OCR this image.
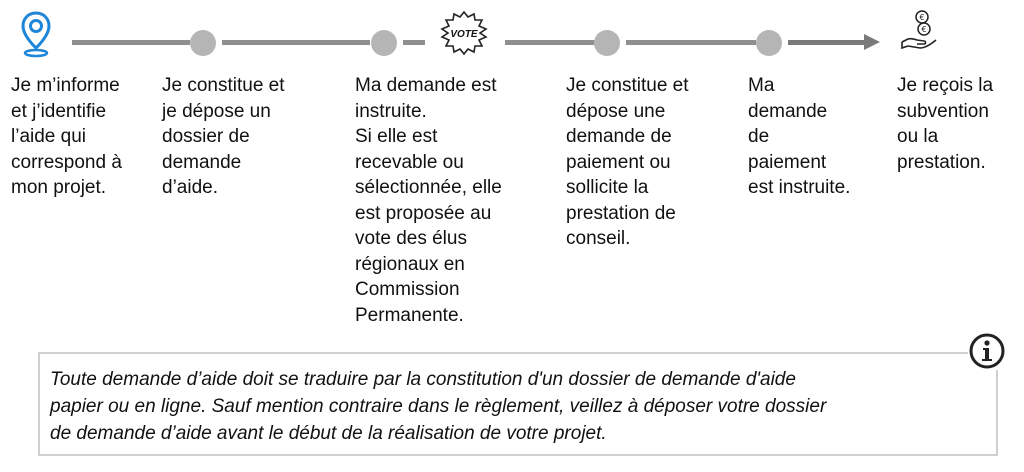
VOTE
€
€
Je m’informe
et j’identifie
l’aide qui
correspond à
mon projet.
Je constitue et
je dépose un
dossier de
demande
d’aide.
Ma demande est
instruite.
Si elle est
recevable ou
sélectionnée, elle
est proposée au
vote des élus
régionaux en
Commission
Permanente.
Je constitue et
dépose une
demande de
paiement ou
sollicite la
prestation de
conseil.
Ma
demande
de
paiement
est instruite.
Je reçois la
subvention
ou la
prestation.
Toute demande d’aide doit se traduire par la constitution d'un dossier de demande d'aide
papier ou en ligne. Sauf mention contraire dans le règlement, veillez à déposer votre dossier
de demande d’aide avant le début de la réalisation de votre projet.
